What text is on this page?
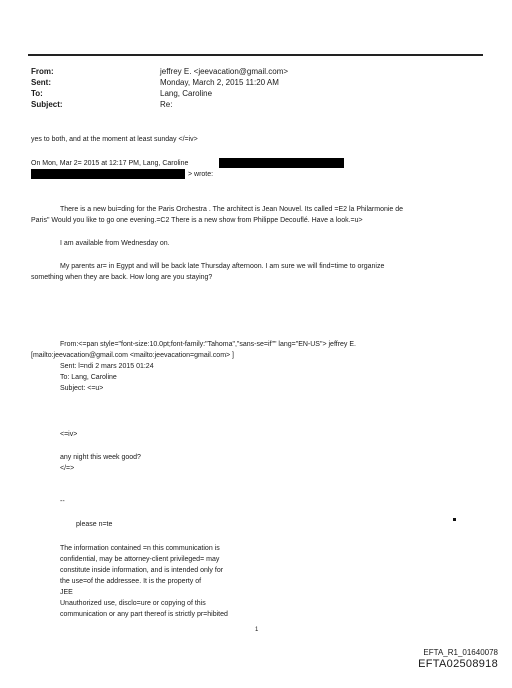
From:	jeffrey E. <jeevacation@gmail.com>
Sent:	Monday, March 2, 2015 11:20 AM
To:	Lang, Caroline
Subject:	Re:
yes to both, and at the moment at least sunday </=iv>
On Mon, Mar 2= 2015 at 12:17 PM, Lang, Caroline
> wrote:
There is a new bui=ding for the Paris Orchestra . The architect is Jean Nouvel. Its called =E2 la Philarmonie de
Paris" Would you like to go one evening.=C2 There is a new show from Philippe Decouflé. Have a look.=u>
I am available from Wednesday on.
My parents ar= in Egypt and will be back late Thursday afternoon. I am sure we will find=time to organize
something when they are back. How long are you staying?
From:<=pan style="font-size:10.0pt;font-family:"Tahoma","sans-se=if"" lang="EN-US"> jeffrey E.
[mailto:jeevacation@gmail.com <mailto:jeevacation=gmail.com> ]
Sent: l=ndi 2 mars 2015 01:24
To: Lang, Caroline
Subject: <=u>
<=iv>
any night this week good?
</=>
--
please n=te
The information contained =n this communication is
confidential, may be attorney-client privileged= may
constitute inside information, and is intended only for
the use=of the addressee. It is the property of
JEE
Unauthorized use, disclo=ure or copying of this
communication or any part thereof is strictly pr=hibited
1
EFTA_R1_01640078
EFTA02508918
